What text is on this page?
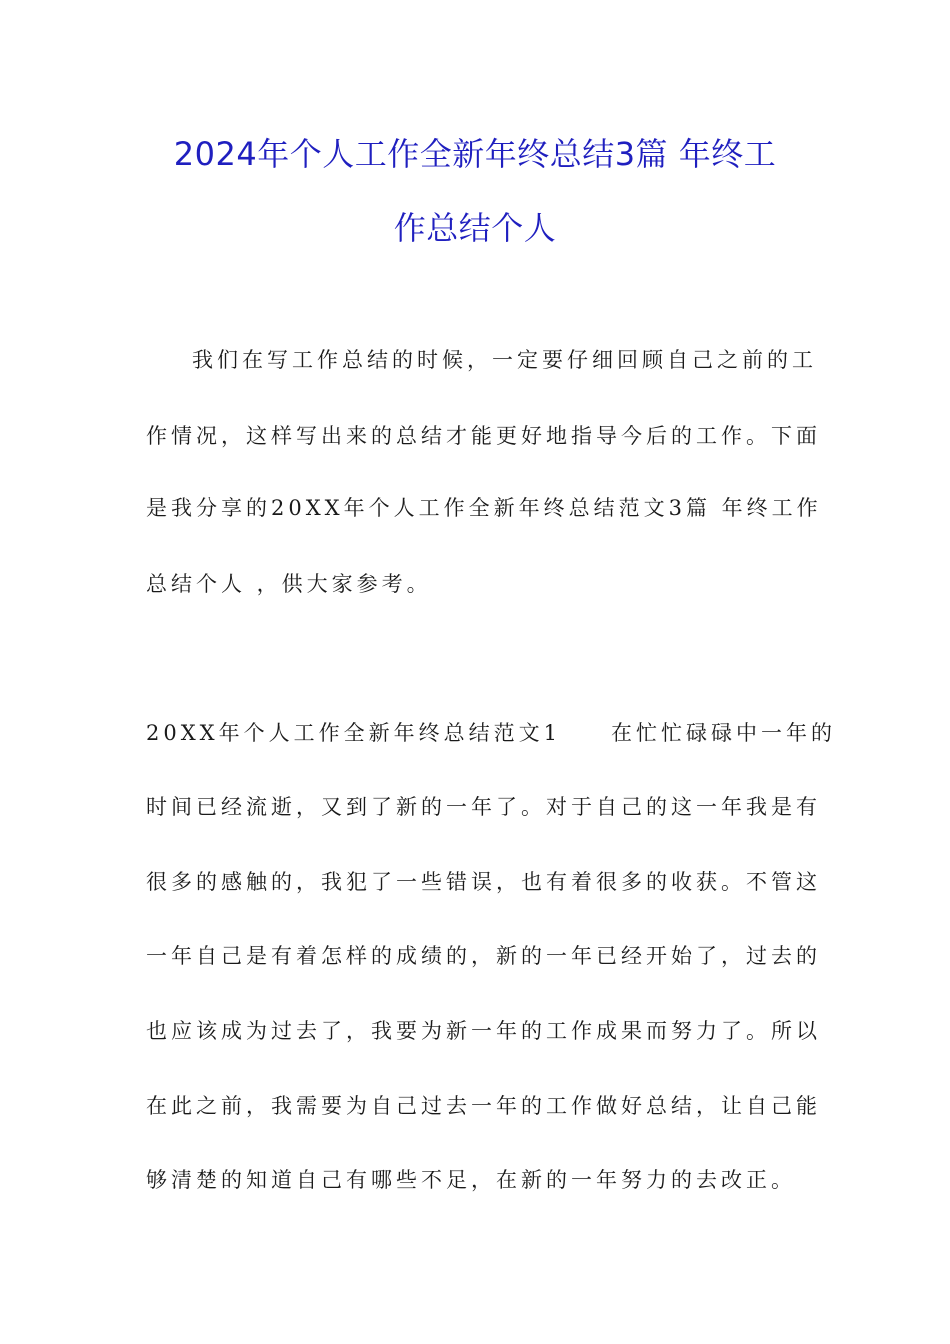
2024年个人工作全新年终总结3篇 年终工
作总结个人
我们在写工作总结的时候，一定要仔细回顾自己之前的工
作情况，这样写出来的总结才能更好地指导今后的工作。下面
是我分享的20XX年个人工作全新年终总结范文3篇 年终工作
总结个人 ，供大家参考。
20XX年个人工作全新年终总结范文1　　在忙忙碌碌中一年的
时间已经流逝，又到了新的一年了。对于自己的这一年我是有
很多的感触的，我犯了一些错误，也有着很多的收获。不管这
一年自己是有着怎样的成绩的，新的一年已经开始了，过去的
也应该成为过去了，我要为新一年的工作成果而努力了。所以
在此之前，我需要为自己过去一年的工作做好总结，让自己能
够清楚的知道自己有哪些不足，在新的一年努力的去改正。
